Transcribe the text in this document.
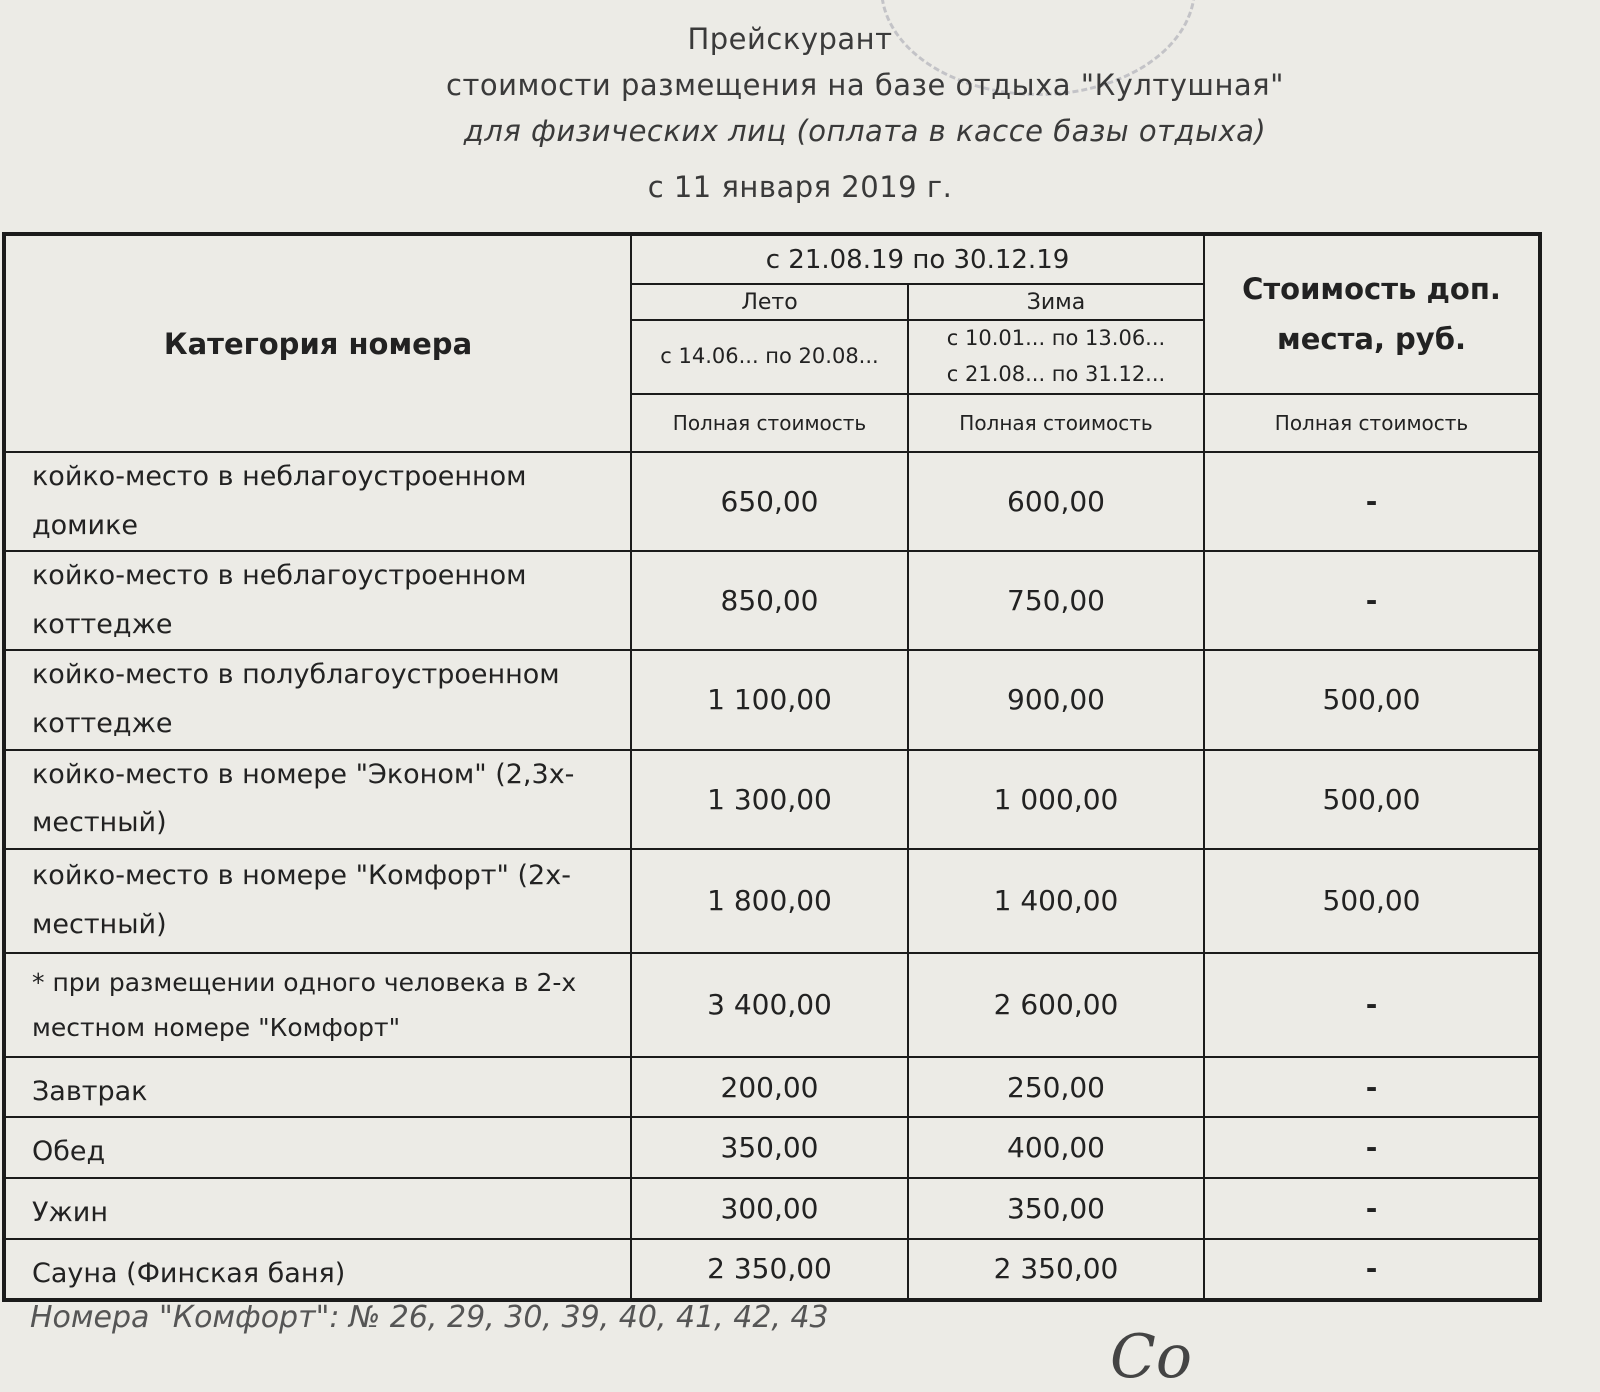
Прейскурант
стоимости размещения на базе отдыха "Култушная"
для физических лиц (оплата в кассе базы отдыха)
с 11 января 2019 г.
Категория номера	с 21.08.19 по 30.12.19		Стоимость доп. места, руб.
	Лето	Зима	
	с 14.06... по 20.08...	с 10.01... по 13.06...
с 21.08... по 31.12...	

	Полная стоимость	Полная стоимость	Полная стоимость
койко-место в неблагоустроенном домике	650,00	600,00	-
койко-место в неблагоустроенном коттедже	850,00	750,00	-
койко-место в полублагоустроенном коттедже	1 100,00	900,00	500,00
койко-место в номере "Эконом" (2,3х-местный)	1 300,00	1 000,00	500,00
койко-место в номере "Комфорт" (2х-местный)	1 800,00	1 400,00	500,00
* при размещении одного человека в 2-х местном номере "Комфорт"	3 400,00	2 600,00	-
Завтрак	200,00	250,00	-
Обед	350,00	400,00	-
Ужин	300,00	350,00	-
Сауна (Финская баня)	2 350,00	2 350,00	-
Номера "Комфорт": № 26, 29, 30, 39, 40, 41, 42, 43
Со
